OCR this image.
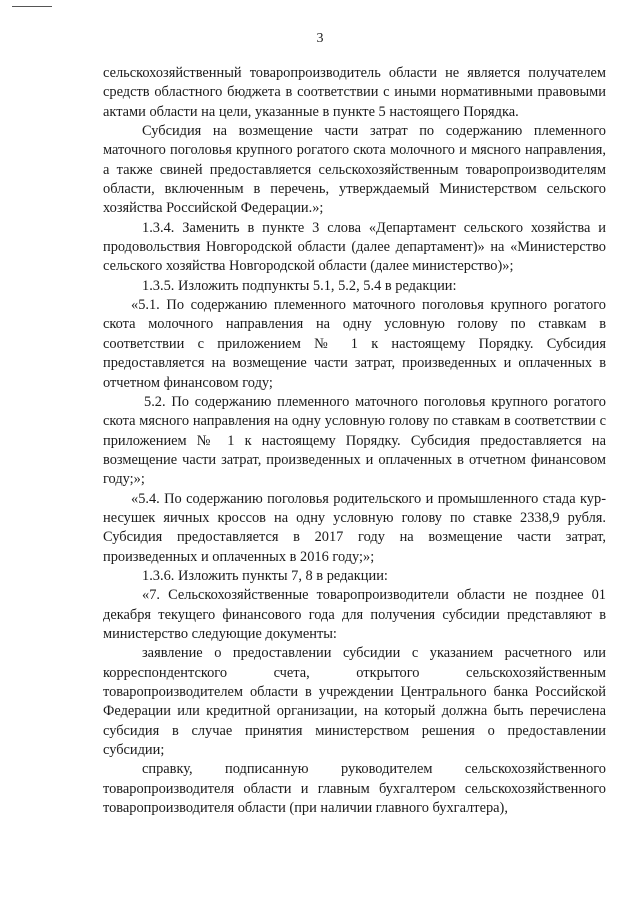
3

сельскохозяйственный товаропроизводитель области не является получателем средств областного бюджета в соответствии с иными нормативными правовыми актами области на цели, указанные в пункте 5 настоящего Порядка.

Субсидия на возмещение части затрат по содержанию племенного маточного поголовья крупного рогатого скота молочного и мясного направления, а также свиней предоставляется сельскохозяйственным товаропроизводителям области, включенным в перечень, утверждаемый Министерством сельского хозяйства Российской Федерации.»;

1.3.4. Заменить в пункте 3 слова «Департамент сельского хозяйства и продовольствия Новгородской области (далее департамент)» на «Министерство сельского хозяйства Новгородской области (далее министерство)»;

1.3.5. Изложить подпункты 5.1, 5.2, 5.4 в редакции:

«5.1. По содержанию племенного маточного поголовья крупного рогатого скота молочного направления на одну условную голову по ставкам в соответствии с приложением № 1 к настоящему Порядку. Субсидия предоставляется на возмещение части затрат, произведенных и оплаченных в отчетном финансовом году;

5.2. По содержанию племенного маточного поголовья крупного рогатого скота мясного направления на одну условную голову по ставкам в соответствии с приложением № 1 к настоящему Порядку. Субсидия предоставляется на возмещение части затрат, произведенных и оплаченных в отчетном финансовом году;»;

«5.4. По содержанию поголовья родительского и промышленного стада кур-несушек яичных кроссов на одну условную голову по ставке 2338,9 рубля. Субсидия предоставляется в 2017 году на возмещение части затрат, произведенных и оплаченных в 2016 году;»;

1.3.6. Изложить пункты 7, 8 в редакции:

«7. Сельскохозяйственные товаропроизводители области не позднее 01 декабря текущего финансового года для получения субсидии представляют в министерство следующие документы:

заявление о предоставлении субсидии с указанием расчетного или корреспондентского счета, открытого сельскохозяйственным товаропроизводителем области в учреждении Центрального банка Российской Федерации или кредитной организации, на который должна быть перечислена субсидия в случае принятия министерством решения о предоставлении субсидии;

справку, подписанную руководителем сельскохозяйственного товаропроизводителя области и главным бухгалтером сельскохозяйственного товаропроизводителя области (при наличии главного бухгалтера),
